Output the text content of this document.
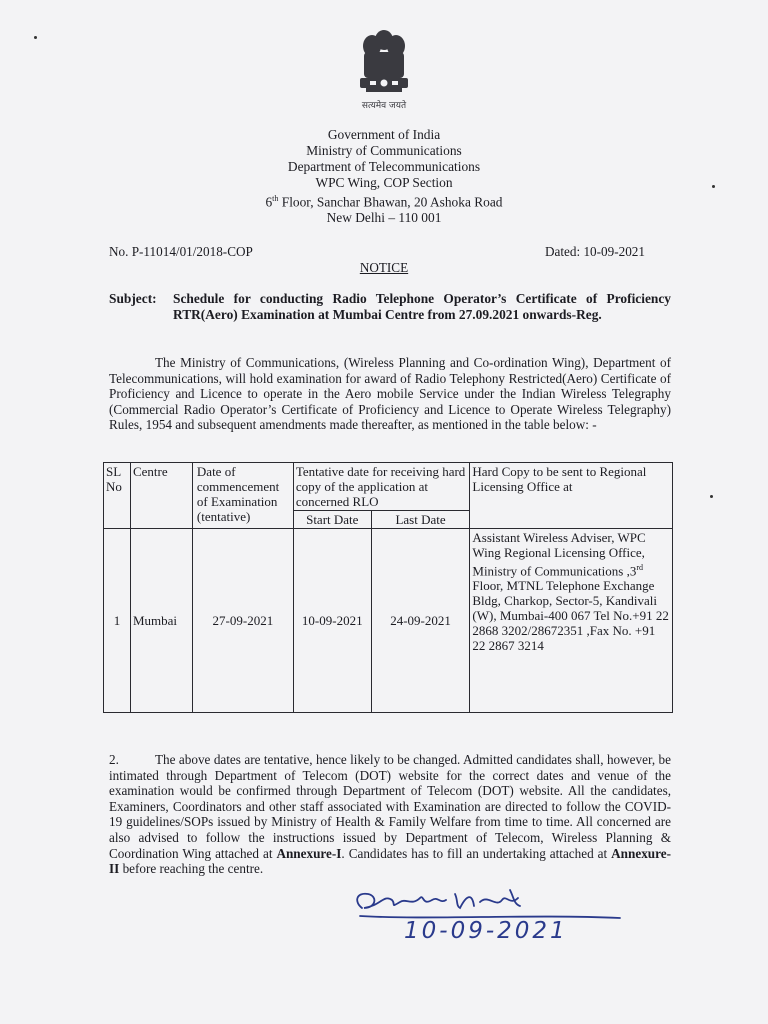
सत्यमेव जयते
Government of India
Ministry of Communications
Department of Telecommunications
WPC Wing, COP Section
6th Floor, Sanchar Bhawan, 20 Ashoka Road
New Delhi – 110 001
No. P-11014/01/2018-COP	Dated: 10-09-2021
NOTICE
Subject: Schedule for conducting Radio Telephone Operator’s Certificate of Proficiency RTR(Aero) Examination at Mumbai Centre from 27.09.2021 onwards-Reg.
The Ministry of Communications, (Wireless Planning and Co-ordination Wing), Department of Telecommunications, will hold examination for award of Radio Telephony Restricted(Aero) Certificate of Proficiency and Licence to operate in the Aero mobile Service under the Indian Wireless Telegraphy (Commercial Radio Operator’s Certificate of Proficiency and Licence to Operate Wireless Telegraphy) Rules, 1954 and subsequent amendments made thereafter, as mentioned in the table below: -
SL No	Centre	Date of commencement of Examination (tentative)	Tentative date for receiving hard copy of the application at concerned RLO		Hard Copy to be sent to Regional Licensing Office at
			Start Date	Last Date	
1	Mumbai	27-09-2021	10-09-2021	24-09-2021	Assistant Wireless Adviser, WPC Wing Regional Licensing Office, Ministry of Communications ,3rd Floor, MTNL Telephone Exchange Bldg, Charkop, Sector-5, Kandivali (W), Mumbai-400 067 Tel No.+91 22 2868 3202/28672351 ,Fax No. +91 22 2867 3214
2.	The above dates are tentative, hence likely to be changed. Admitted candidates shall, however, be intimated through Department of Telecom (DOT) website for the correct dates and venue of the examination would be confirmed through Department of Telecom (DOT) website. All the candidates, Examiners, Coordinators and other staff associated with Examination are directed to follow the COVID-19 guidelines/SOPs issued by Ministry of Health & Family Welfare from time to time. All concerned are also advised to follow the instructions issued by Department of Telecom, Wireless Planning & Coordination Wing attached at Annexure-I. Candidates has to fill an undertaking attached at Annexure-II before reaching the centre.
10-09-2021
